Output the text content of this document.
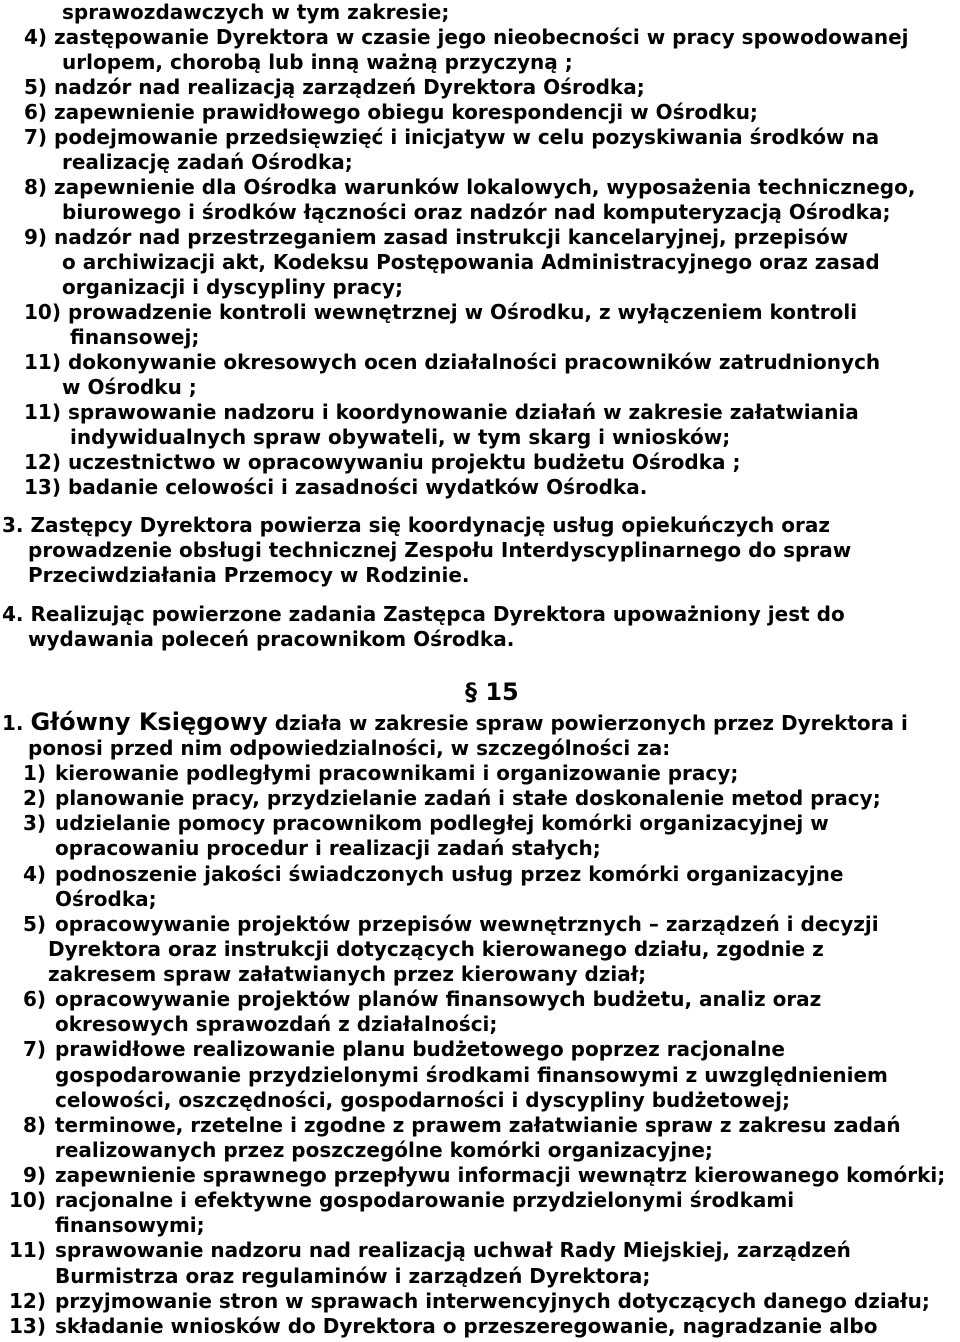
sprawozdawczych w tym zakresie;
4) zastępowanie Dyrektora w czasie jego nieobecności w pracy spowodowanej
urlopem, chorobą lub inną ważną przyczyną ;
5) nadzór nad realizacją zarządzeń Dyrektora Ośrodka;
6) zapewnienie prawidłowego obiegu korespondencji w Ośrodku;
7) podejmowanie przedsięwzięć i inicjatyw w celu pozyskiwania środków na
realizację zadań Ośrodka;
8) zapewnienie dla Ośrodka warunków lokalowych, wyposażenia technicznego,
biurowego i środków łączności oraz nadzór nad komputeryzacją Ośrodka;
9) nadzór nad przestrzeganiem zasad instrukcji kancelaryjnej, przepisów
o archiwizacji akt, Kodeksu Postępowania Administracyjnego oraz zasad
organizacji i dyscypliny pracy;
10) prowadzenie kontroli wewnętrznej w Ośrodku, z wyłączeniem kontroli
finansowej;
11) dokonywanie okresowych ocen działalności pracowników zatrudnionych
w Ośrodku ;
11) sprawowanie nadzoru i koordynowanie działań w zakresie załatwiania
indywidualnych spraw obywateli, w tym skarg i wniosków;
12) uczestnictwo w opracowywaniu projektu budżetu Ośrodka ;
13) badanie celowości i zasadności wydatków Ośrodka.
3. Zastępcy Dyrektora powierza się koordynację usług opiekuńczych oraz
prowadzenie obsługi technicznej Zespołu Interdyscyplinarnego do spraw
Przeciwdziałania Przemocy w Rodzinie.
4. Realizując powierzone zadania Zastępca Dyrektora upoważniony jest do
wydawania poleceń pracownikom Ośrodka.
§ 15
1. Główny Księgowy działa w zakresie spraw powierzonych przez Dyrektora i
ponosi przed nim odpowiedzialności, w szczególności za:
1) kierowanie podległymi pracownikami i organizowanie pracy;
2) planowanie pracy, przydzielanie zadań i stałe doskonalenie metod pracy;
3) udzielanie pomocy pracownikom podległej komórki organizacyjnej w
opracowaniu procedur i realizacji zadań stałych;
4) podnoszenie jakości świadczonych usług przez komórki organizacyjne
Ośrodka;
5) opracowywanie projektów przepisów wewnętrznych – zarządzeń i decyzji
Dyrektora oraz instrukcji dotyczących kierowanego działu, zgodnie z
zakresem spraw załatwianych przez kierowany dział;
6) opracowywanie projektów planów finansowych budżetu, analiz oraz
okresowych sprawozdań z działalności;
7) prawidłowe realizowanie planu budżetowego poprzez racjonalne
gospodarowanie przydzielonymi środkami finansowymi z uwzględnieniem
celowości, oszczędności, gospodarności i dyscypliny budżetowej;
8) terminowe, rzetelne i zgodne z prawem załatwianie spraw z zakresu zadań
realizowanych przez poszczególne komórki organizacyjne;
9) zapewnienie sprawnego przepływu informacji wewnątrz kierowanego komórki;
10) racjonalne i efektywne gospodarowanie przydzielonymi środkami
finansowymi;
11) sprawowanie nadzoru nad realizacją uchwał Rady Miejskiej, zarządzeń
Burmistrza oraz regulaminów i zarządzeń Dyrektora;
12) przyjmowanie stron w sprawach interwencyjnych dotyczących danego działu;
13) składanie wniosków do Dyrektora o przeszeregowanie, nagradzanie albo
